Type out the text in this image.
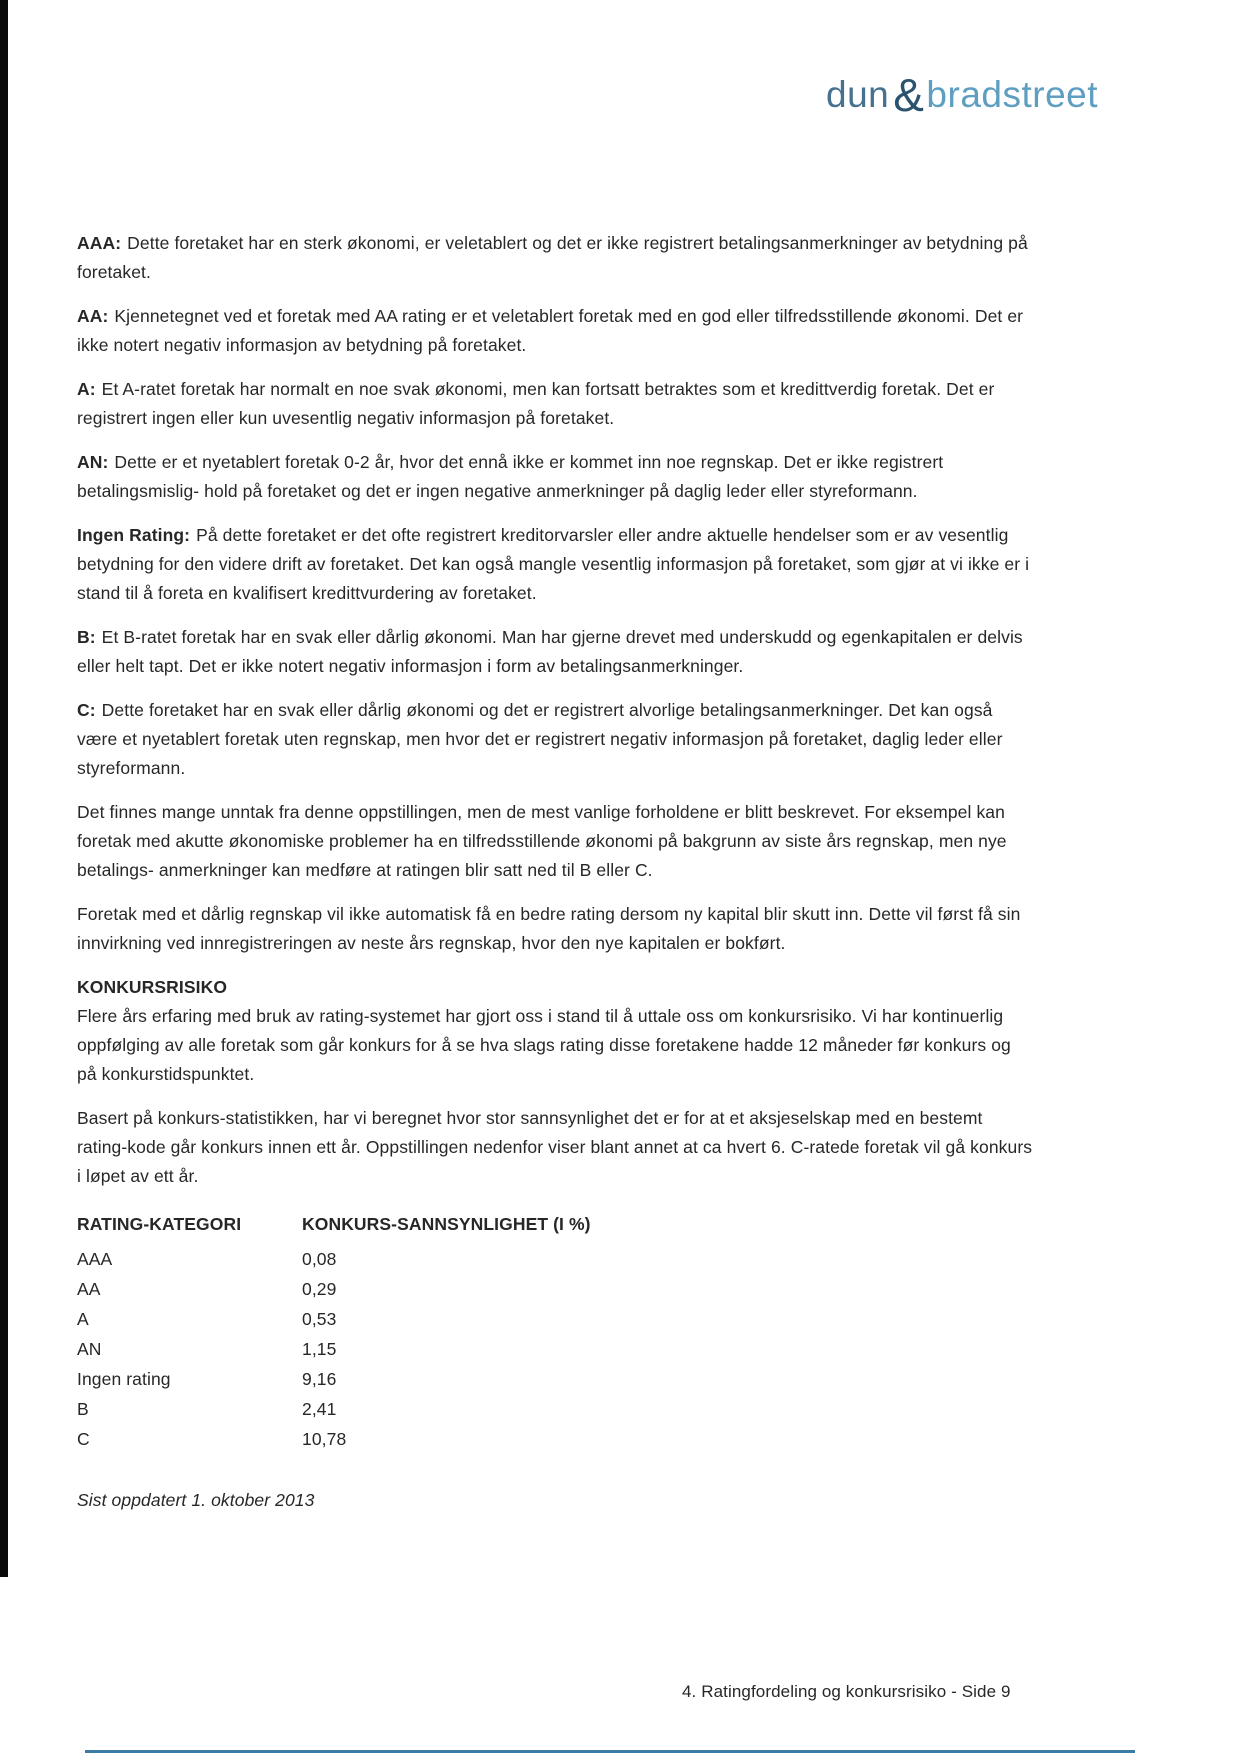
dun&bradstreet

AAA: Dette foretaket har en sterk økonomi, er veletablert og det er ikke registrert betalingsanmerkninger av betydning på foretaket.

AA: Kjennetegnet ved et foretak med AA rating er et veletablert foretak med en god eller tilfredsstillende økonomi. Det er ikke notert negativ informasjon av betydning på foretaket.

A: Et A-ratet foretak har normalt en noe svak økonomi, men kan fortsatt betraktes som et kredittverdig foretak. Det er registrert ingen eller kun uvesentlig negativ informasjon på foretaket.

AN: Dette er et nyetablert foretak 0-2 år, hvor det ennå ikke er kommet inn noe regnskap. Det er ikke registrert betalingsmislig- hold på foretaket og det er ingen negative anmerkninger på daglig leder eller styreformann.

Ingen Rating: På dette foretaket er det ofte registrert kreditorvarsler eller andre aktuelle hendelser som er av vesentlig betydning for den videre drift av foretaket. Det kan også mangle vesentlig informasjon på foretaket, som gjør at vi ikke er i stand til å foreta en kvalifisert kredittvurdering av foretaket.

B: Et B-ratet foretak har en svak eller dårlig økonomi. Man har gjerne drevet med underskudd og egenkapitalen er delvis eller helt tapt. Det er ikke notert negativ informasjon i form av betalingsanmerkninger.

C: Dette foretaket har en svak eller dårlig økonomi og det er registrert alvorlige betalingsanmerkninger. Det kan også være et nyetablert foretak uten regnskap, men hvor det er registrert negativ informasjon på foretaket, daglig leder eller styreformann.

Det finnes mange unntak fra denne oppstillingen, men de mest vanlige forholdene er blitt beskrevet. For eksempel kan foretak med akutte økonomiske problemer ha en tilfredsstillende økonomi på bakgrunn av siste års regnskap, men nye betalings- anmerkninger kan medføre at ratingen blir satt ned til B eller C.

Foretak med et dårlig regnskap vil ikke automatisk få en bedre rating dersom ny kapital blir skutt inn. Dette vil først få sin innvirkning ved innregistreringen av neste års regnskap, hvor den nye kapitalen er bokført.

KONKURSRISIKO

Flere års erfaring med bruk av rating-systemet har gjort oss i stand til å uttale oss om konkursrisiko. Vi har kontinuerlig oppfølging av alle foretak som går konkurs for å se hva slags rating disse foretakene hadde 12 måneder før konkurs og på konkurstidspunktet.

Basert på konkurs-statistikken, har vi beregnet hvor stor sannsynlighet det er for at et aksjeselskap med en bestemt rating-kode går konkurs innen ett år. Oppstillingen nedenfor viser blant annet at ca hvert 6. C-ratede foretak vil gå konkurs i løpet av ett år.

RATING-KATEGORI	KONKURS-SANNSYNLIGHET (I %)
AAA	0,08
AA	0,29
A	0,53
AN	1,15
Ingen rating	9,16
B	2,41
C	10,78

Sist oppdatert 1. oktober 2013

4. Ratingfordeling og konkursrisiko - Side 9
